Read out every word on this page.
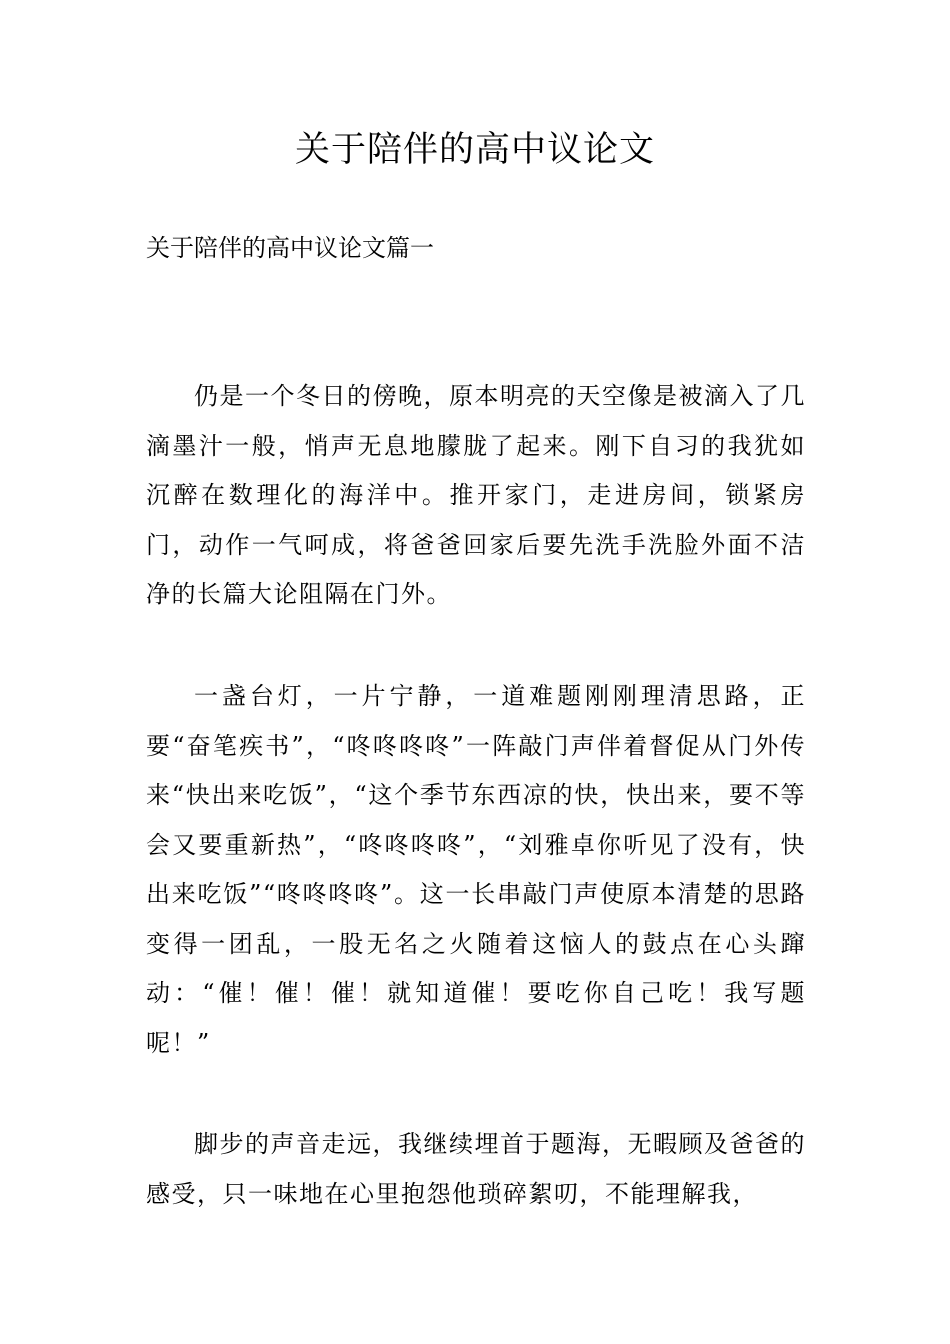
关于陪伴的高中议论文
关于陪伴的高中议论文篇一

仍是一个冬日的傍晚，原本明亮的天空像是被滴入了几滴墨汁一般，悄声无息地朦胧了起来。刚下自习的我犹如沉醉在数理化的海洋中。推开家门，走进房间，锁紧房门，动作一气呵成，将爸爸回家后要先洗手洗脸外面不洁净的长篇大论阻隔在门外。

一盏台灯，一片宁静，一道难题刚刚理清思路，正要“奋笔疾书”，“咚咚咚咚”一阵敲门声伴着督促从门外传来“快出来吃饭”，“这个季节东西凉的快，快出来，要不等会又要重新热”，“咚咚咚咚”，“刘雅卓你听见了没有，快出来吃饭”“咚咚咚咚”。这一长串敲门声使原本清楚的思路变得一团乱，一股无名之火随着这恼人的鼓点在心头蹿动：“催！催！催！就知道催！要吃你自己吃！我写题呢！”

脚步的声音走远，我继续埋首于题海，无暇顾及爸爸的感受，只一味地在心里抱怨他琐碎絮叨，不能理解我，
